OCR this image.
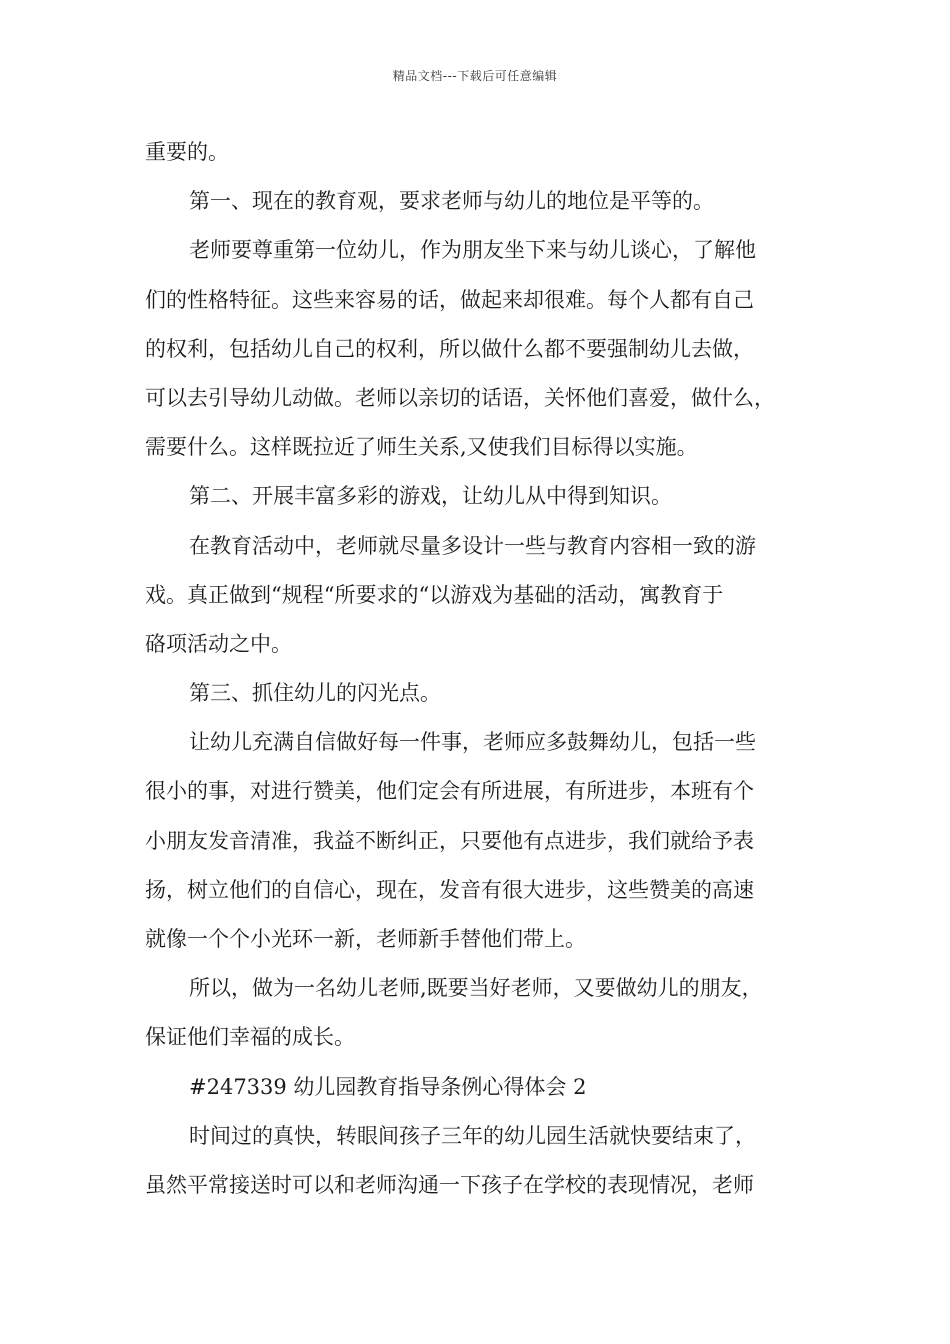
精品文档---下载后可任意编辑
重要的。
第一、现在的教育观，要求老师与幼儿的地位是平等的。
老师要尊重第一位幼儿，作为朋友坐下来与幼儿谈心，了解他
们的性格特征。这些来容易的话，做起来却很难。每个人都有自己
的权利，包括幼儿自己的权利，所以做什么都不要强制幼儿去做，
可以去引导幼儿动做。老师以亲切的话语，关怀他们喜爱，做什么，
需要什么。这样既拉近了师生关系,又使我们目标得以实施。
第二、开展丰富多彩的游戏，让幼儿从中得到知识。
在教育活动中，老师就尽量多设计一些与教育内容相一致的游
戏。真正做到“规程“所要求的“以游戏为基础的活动，寓教育于
硌项活动之中。
第三、抓住幼儿的闪光点。
让幼儿充满自信做好每一件事，老师应多鼓舞幼儿，包括一些
很小的事，对进行赞美，他们定会有所进展，有所进步，本班有个
小朋友发音清准，我益不断纠正，只要他有点进步，我们就给予表
扬，树立他们的自信心，现在，发音有很大进步，这些赞美的高速
就像一个个小光环一新，老师新手替他们带上。
所以，做为一名幼儿老师,既要当好老师，又要做幼儿的朋友，
保证他们幸福的成长。
#247339 幼儿园教育指导条例心得体会 2
时间过的真快，转眼间孩子三年的幼儿园生活就快要结束了，
虽然平常接送时可以和老师沟通一下孩子在学校的表现情况，老师
